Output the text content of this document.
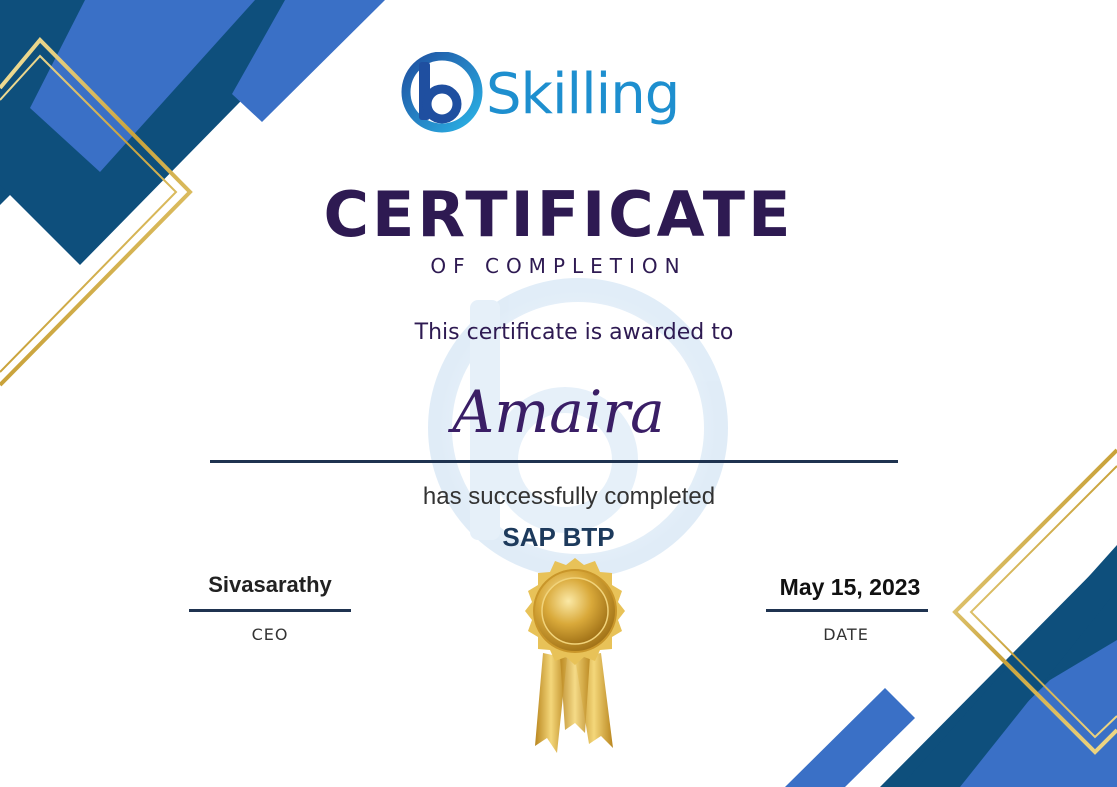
Skilling
CERTIFICATE
OF COMPLETION
This certificate is awarded to
Amaira
has successfully completed
SAP BTP
Sivasarathy
CEO
May 15, 2023
DATE
